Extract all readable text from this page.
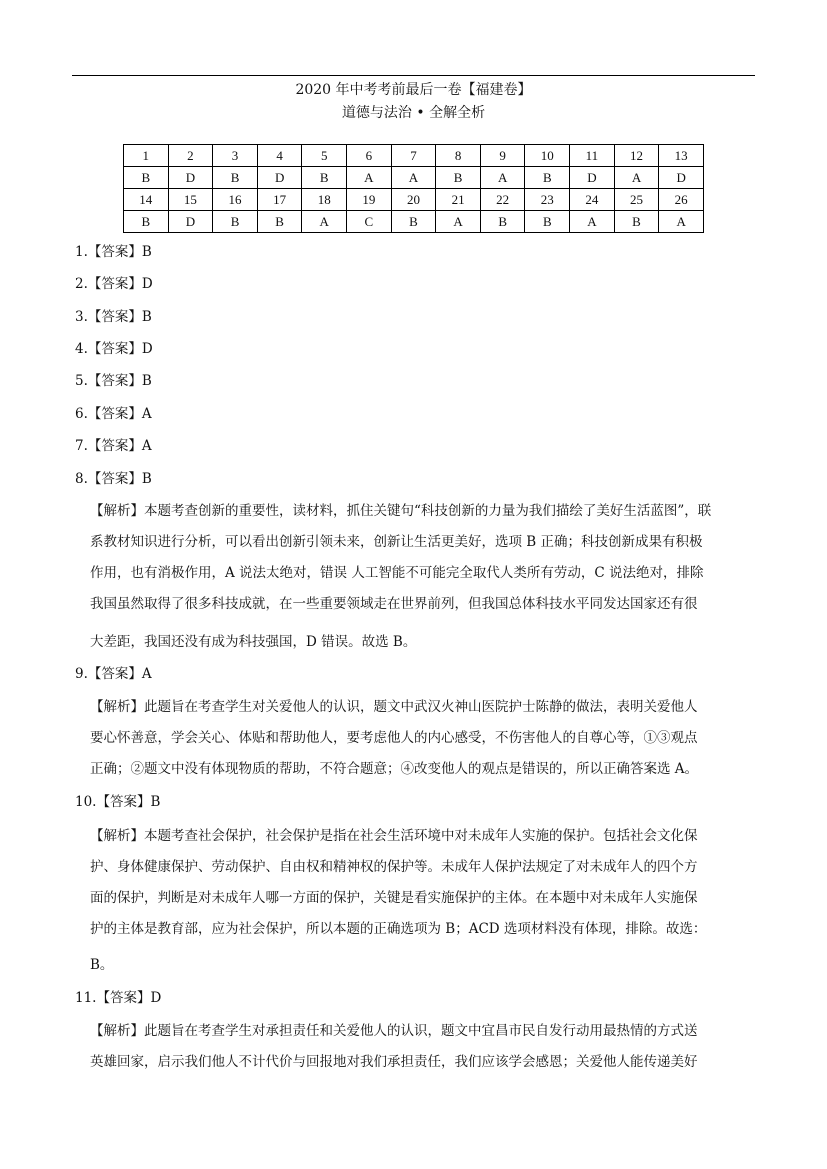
2020 年中考考前最后一卷【福建卷】
道德与法治 • 全解全析
1	2	3	4	5	6	7	8	9	10	11	12	13
B	D	B	D	B	A	A	B	A	B	D	A	D
14	15	16	17	18	19	20	21	22	23	24	25	26
B	D	B	B	A	C	B	A	B	B	A	B	A
1.【答案】B
2.【答案】D
3.【答案】B
4.【答案】D
5.【答案】B
6.【答案】A
7.【答案】A
8.【答案】B
【解析】本题考查创新的重要性，读材料，抓住关键句“科技创新的力量为我们描绘了美好生活蓝图”，联
系教材知识进行分析，可以看出创新引领未来，创新让生活更美好，选项 B 正确；科技创新成果有积极
作用，也有消极作用，A 说法太绝对，错误 人工智能不可能完全取代人类所有劳动，C 说法绝对，排除
我国虽然取得了很多科技成就，在一些重要领域走在世界前列，但我国总体科技水平同发达国家还有很
大差距，我国还没有成为科技强国，D 错误。故选 B。
9.【答案】A
【解析】此题旨在考查学生对关爱他人的认识，题文中武汉火神山医院护士陈静的做法，表明关爱他人
要心怀善意，学会关心、体贴和帮助他人，要考虑他人的内心感受，不伤害他人的自尊心等，①③观点
正确；②题文中没有体现物质的帮助，不符合题意；④改变他人的观点是错误的，所以正确答案选 A。
10.【答案】B
【解析】本题考查社会保护，社会保护是指在社会生活环境中对未成年人实施的保护。包括社会文化保
护、身体健康保护、劳动保护、自由权和精神权的保护等。未成年人保护法规定了对未成年人的四个方
面的保护，判断是对未成年人哪一方面的保护，关键是看实施保护的主体。在本题中对未成年人实施保
护的主体是教育部，应为社会保护，所以本题的正确选项为 B；ACD 选项材料没有体现，排除。故选：
B。
11.【答案】D
【解析】此题旨在考查学生对承担责任和关爱他人的认识，题文中宜昌市民自发行动用最热情的方式送
英雄回家，启示我们他人不计代价与回报地对我们承担责任，我们应该学会感恩；关爱他人能传递美好
